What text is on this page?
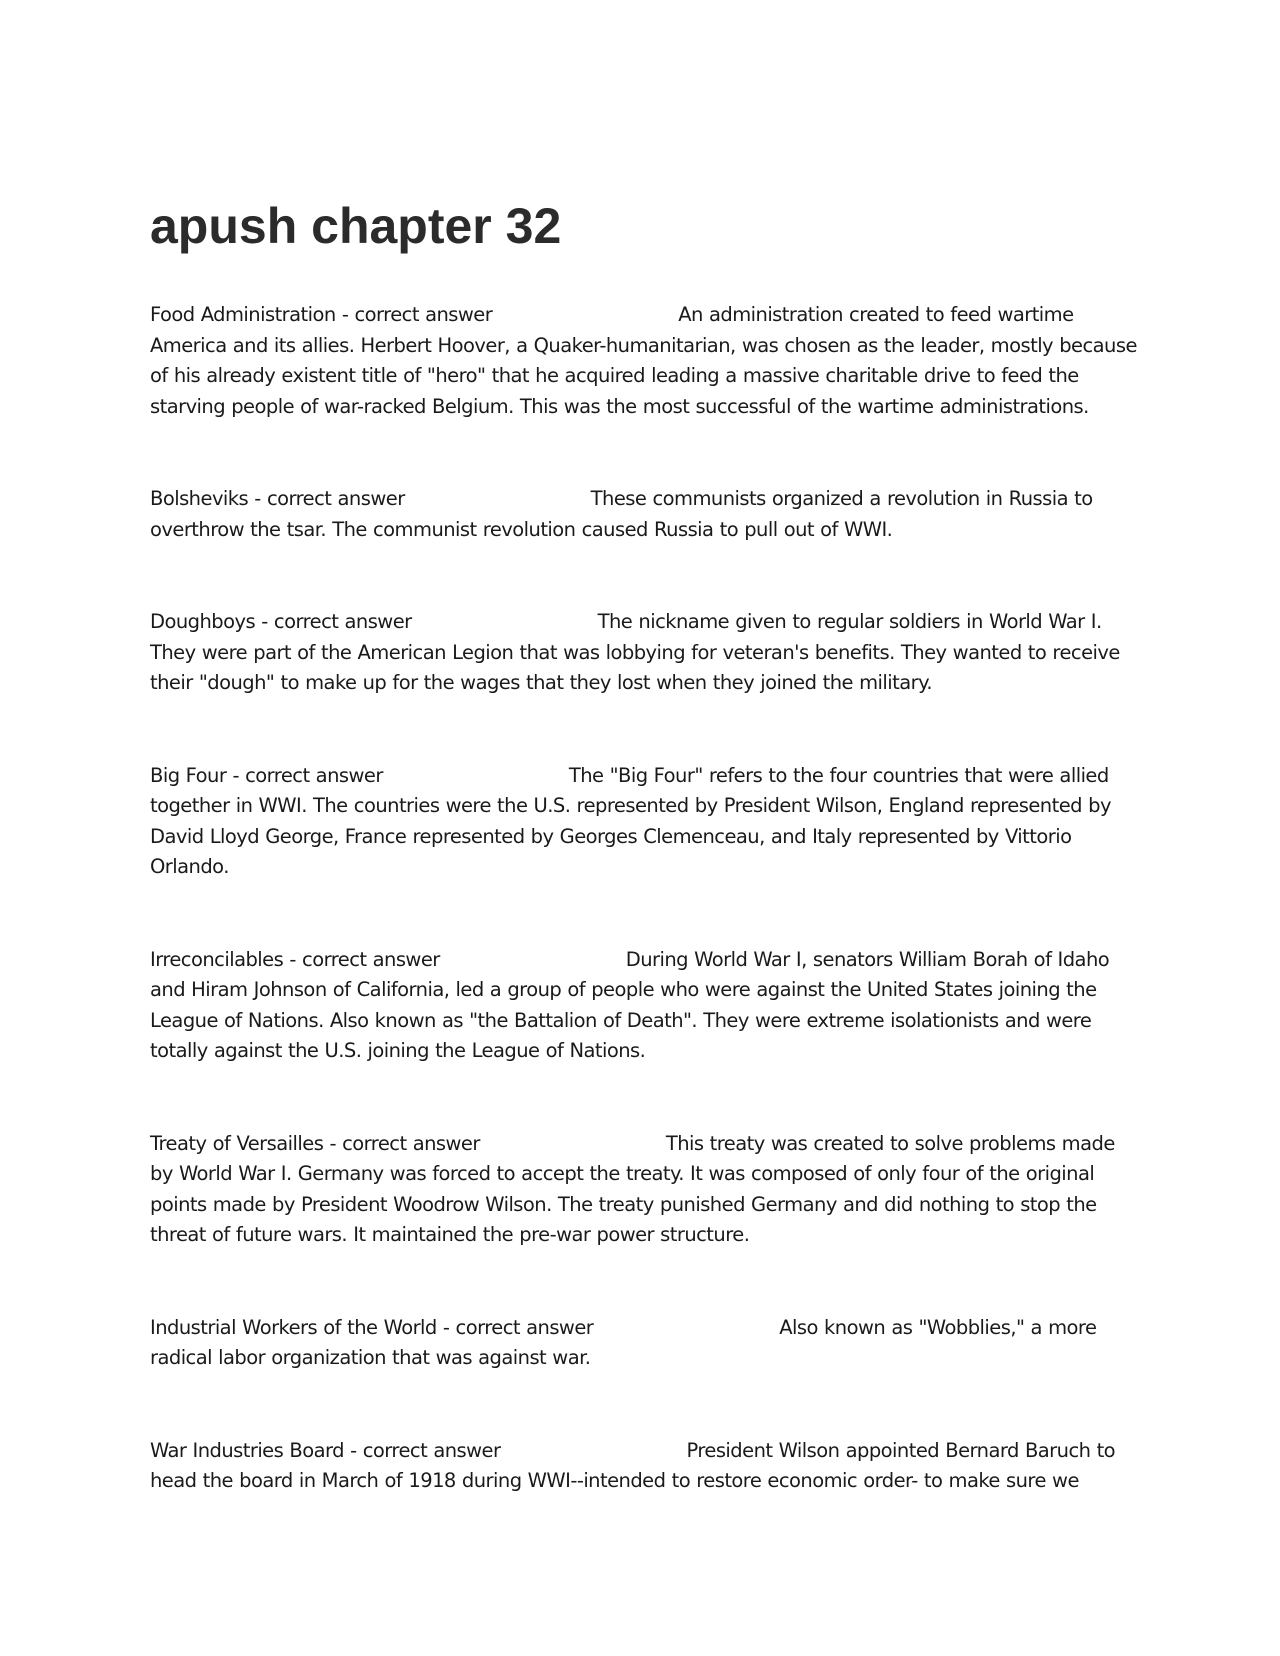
apush chapter 32

Food Administration - correct answer	An administration created to feed wartime America and its allies. Herbert Hoover, a Quaker-humanitarian, was chosen as the leader, mostly because of his already existent title of "hero" that he acquired leading a massive charitable drive to feed the starving people of war-racked Belgium. This was the most successful of the wartime administrations.

Bolsheviks - correct answer	These communists organized a revolution in Russia to overthrow the tsar. The communist revolution caused Russia to pull out of WWI.

Doughboys - correct answer	The nickname given to regular soldiers in World War I. They were part of the American Legion that was lobbying for veteran's benefits. They wanted to receive their "dough" to make up for the wages that they lost when they joined the military.

Big Four - correct answer	The "Big Four" refers to the four countries that were allied together in WWI. The countries were the U.S. represented by President Wilson, England represented by David Lloyd George, France represented by Georges Clemenceau, and Italy represented by Vittorio Orlando.

Irreconcilables - correct answer	During World War I, senators William Borah of Idaho and Hiram Johnson of California, led a group of people who were against the United States joining the League of Nations. Also known as "the Battalion of Death". They were extreme isolationists and were totally against the U.S. joining the League of Nations.

Treaty of Versailles - correct answer	This treaty was created to solve problems made by World War I. Germany was forced to accept the treaty. It was composed of only four of the original points made by President Woodrow Wilson. The treaty punished Germany and did nothing to stop the threat of future wars. It maintained the pre-war power structure.

Industrial Workers of the World - correct answer	Also known as "Wobblies," a more radical labor organization that was against war.

War Industries Board - correct answer	President Wilson appointed Bernard Baruch to head the board in March of 1918 during WWI--intended to restore economic order- to make sure we
